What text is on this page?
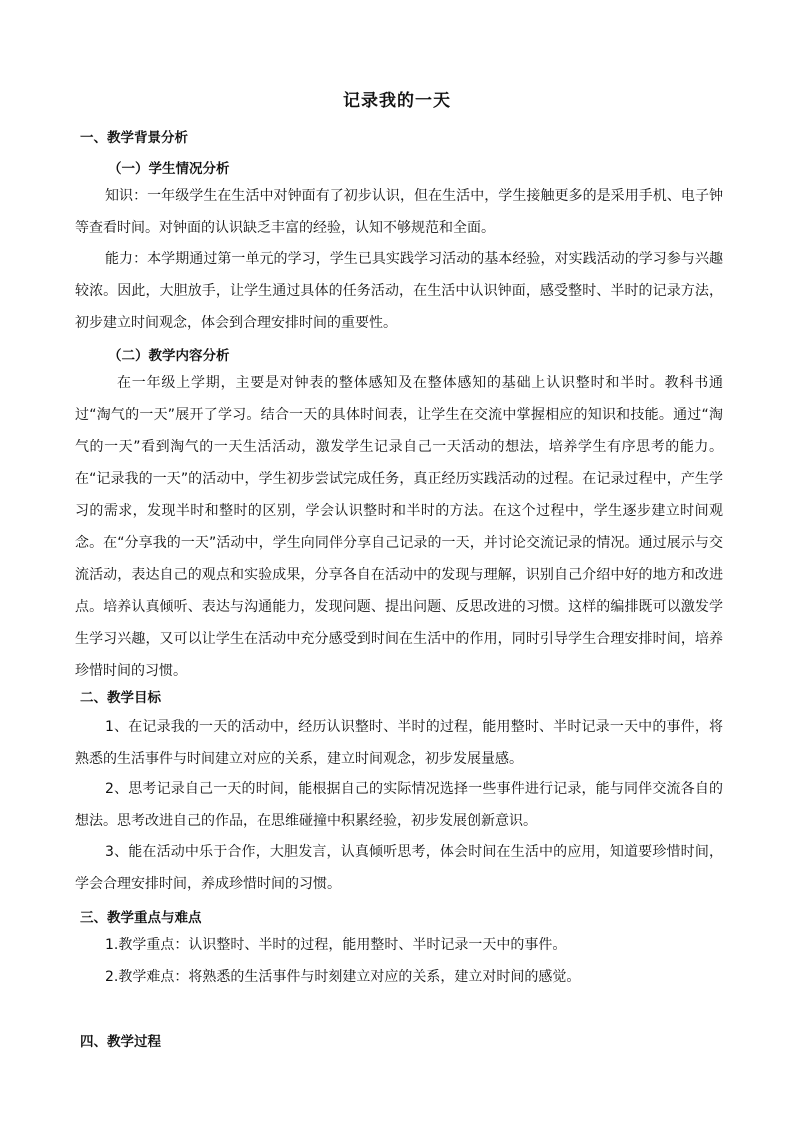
记录我的一天
一、教学背景分析
（一）学生情况分析
知识：一年级学生在生活中对钟面有了初步认识，但在生活中，学生接触更多的是采用手机、电子钟等查看时间。对钟面的认识缺乏丰富的经验，认知不够规范和全面。
能力：本学期通过第一单元的学习，学生已具实践学习活动的基本经验，对实践活动的学习参与兴趣较浓。因此，大胆放手，让学生通过具体的任务活动，在生活中认识钟面，感受整时、半时的记录方法，初步建立时间观念，体会到合理安排时间的重要性。
（二）教学内容分析
在一年级上学期，主要是对钟表的整体感知及在整体感知的基础上认识整时和半时。教科书通过“淘气的一天”展开了学习。结合一天的具体时间表，让学生在交流中掌握相应的知识和技能。通过“淘气的一天”看到淘气的一天生活活动，激发学生记录自己一天活动的想法，培养学生有序思考的能力。在“记录我的一天”的活动中，学生初步尝试完成任务，真正经历实践活动的过程。在记录过程中，产生学习的需求，发现半时和整时的区别，学会认识整时和半时的方法。在这个过程中，学生逐步建立时间观念。在“分享我的一天”活动中，学生向同伴分享自己记录的一天，并讨论交流记录的情况。通过展示与交流活动，表达自己的观点和实验成果，分享各自在活动中的发现与理解，识别自己介绍中好的地方和改进点。培养认真倾听、表达与沟通能力，发现问题、提出问题、反思改进的习惯。这样的编排既可以激发学生学习兴趣，又可以让学生在活动中充分感受到时间在生活中的作用，同时引导学生合理安排时间，培养珍惜时间的习惯。
二、教学目标
1、在记录我的一天的活动中，经历认识整时、半时的过程，能用整时、半时记录一天中的事件，将熟悉的生活事件与时间建立对应的关系，建立时间观念，初步发展量感。
2、思考记录自己一天的时间，能根据自己的实际情况选择一些事件进行记录，能与同伴交流各自的想法。思考改进自己的作品，在思维碰撞中积累经验，初步发展创新意识。
3、能在活动中乐于合作，大胆发言，认真倾听思考，体会时间在生活中的应用，知道要珍惜时间，学会合理安排时间，养成珍惜时间的习惯。
三、教学重点与难点
1.教学重点：认识整时、半时的过程，能用整时、半时记录一天中的事件。
2.教学难点：将熟悉的生活事件与时刻建立对应的关系，建立对时间的感觉。
四、教学过程
